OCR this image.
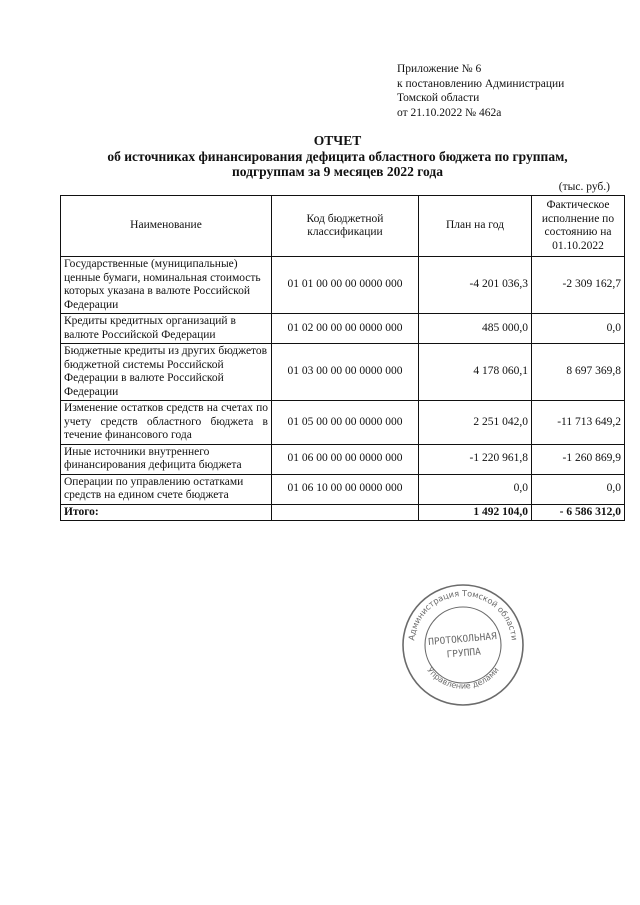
Приложение № 6
к постановлению Администрации
Томской области
от 21.10.2022 № 462а
ОТЧЕТ
об источниках финансирования дефицита областного бюджета по группам,
подгруппам за 9 месяцев 2022 года
(тыс. руб.)
Наименование	Код бюджетной классификации	План на год	Фактическое исполнение по состоянию на 01.10.2022
Государственные (муниципальные) ценные бумаги, номинальная стоимость которых указана в валюте Российской Федерации	01 01 00 00 00 0000 000	-4 201 036,3	-2 309 162,7
Кредиты кредитных организаций в валюте Российской Федерации	01 02 00 00 00 0000 000	485 000,0	0,0
Бюджетные кредиты из других бюджетов бюджетной системы Российской Федерации в валюте Российской Федерации	01 03 00 00 00 0000 000	4 178 060,1	8 697 369,8
Изменение остатков средств на счетах по учету средств областного бюджета в течение финансового года	01 05 00 00 00 0000 000	2 251 042,0	-11 713 649,2
Иные источники внутреннего финансирования дефицита бюджета	01 06 00 00 00 0000 000	-1 220 961,8	-1 260 869,9
Операции по управлению остатками средств на едином счете бюджета	01 06 10 00 00 0000 000	0,0	0,0
Итого:		1 492 104,0	- 6 586 312,0
Администрация Томской области
Управление делами
ПРОТОКОЛЬНАЯ
ГРУППА
